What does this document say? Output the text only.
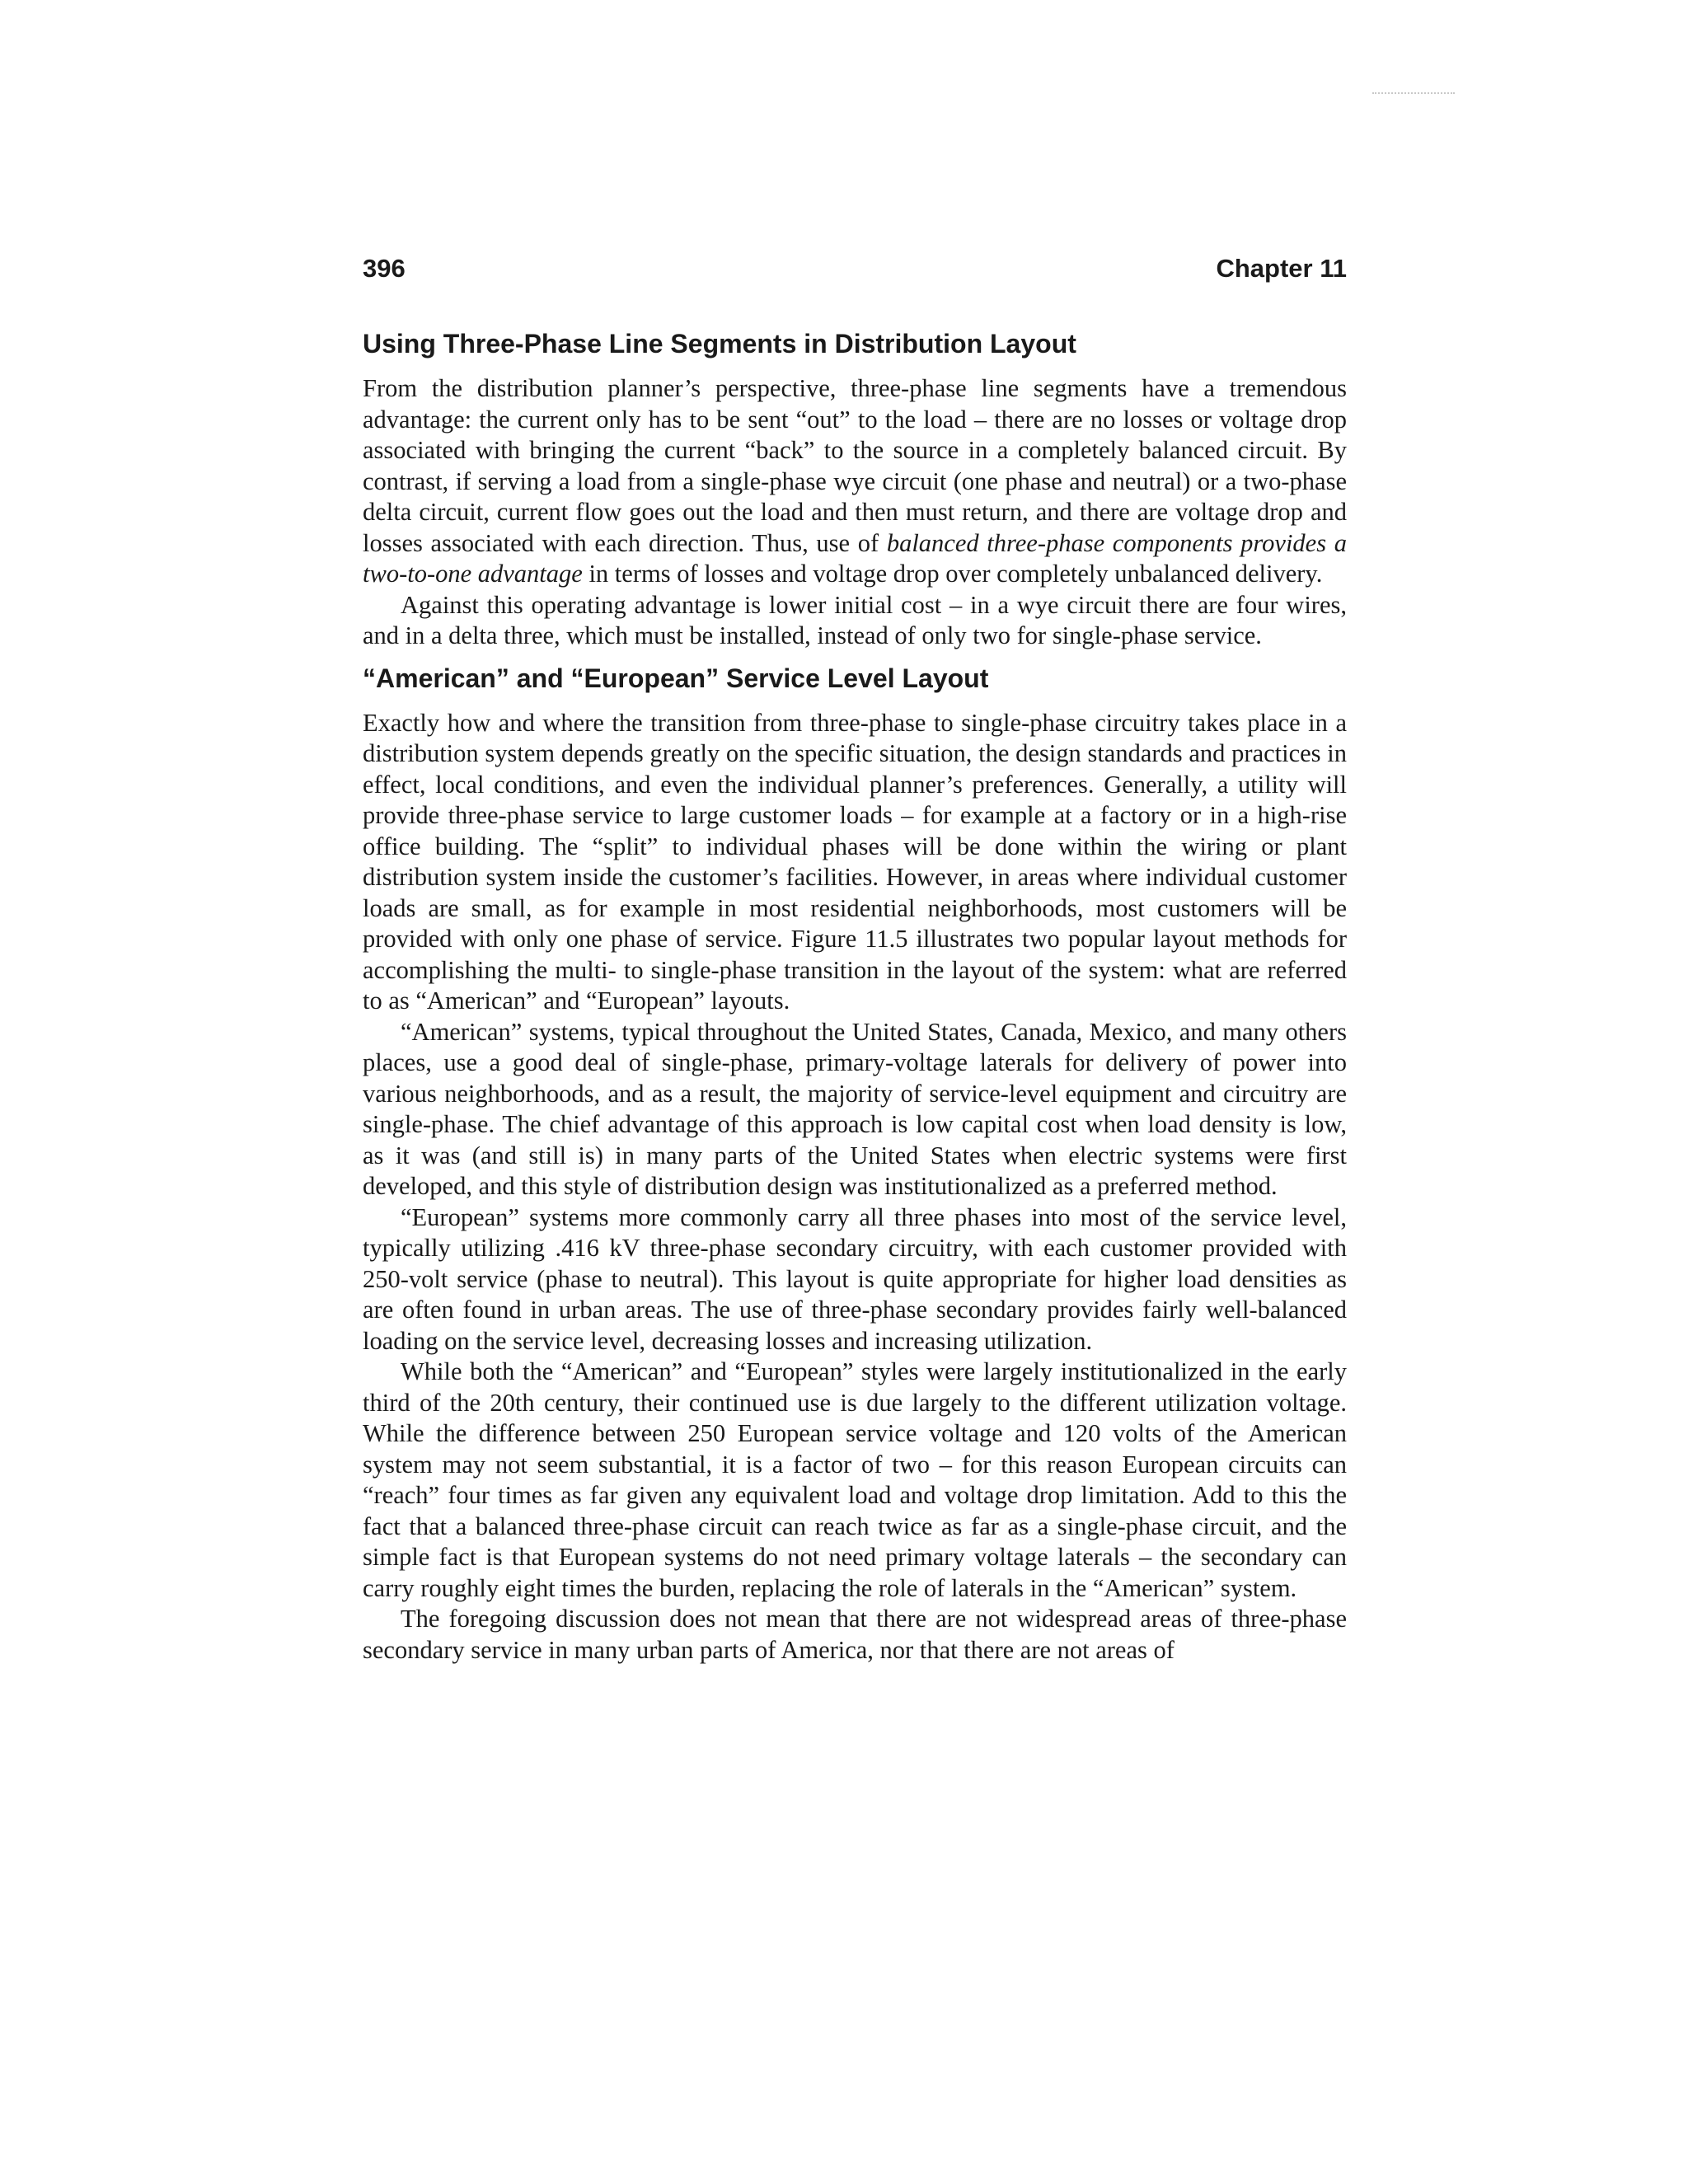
396	Chapter 11
Using Three-Phase Line Segments in Distribution Layout

From the distribution planner’s perspective, three-phase line segments have a tremendous advantage: the current only has to be sent “out” to the load – there are no losses or voltage drop associated with bringing the current “back” to the source in a completely balanced circuit. By contrast, if serving a load from a single-phase wye circuit (one phase and neutral) or a two-phase delta circuit, current flow goes out the load and then must return, and there are voltage drop and losses associated with each direction. Thus, use of balanced three-phase components provides a two-to-one advantage in terms of losses and voltage drop over completely unbalanced delivery.

Against this operating advantage is lower initial cost – in a wye circuit there are four wires, and in a delta three, which must be installed, instead of only two for single-phase service.

“American” and “European” Service Level Layout

Exactly how and where the transition from three-phase to single-phase circuitry takes place in a distribution system depends greatly on the specific situation, the design standards and practices in effect, local conditions, and even the individual planner’s preferences. Generally, a utility will provide three-phase service to large customer loads – for example at a factory or in a high-rise office building. The “split” to individual phases will be done within the wiring or plant distribution system inside the customer’s facilities. However, in areas where individual customer loads are small, as for example in most residential neighborhoods, most customers will be provided with only one phase of service. Figure 11.5 illustrates two popular layout methods for accomplishing the multi- to single-phase transition in the layout of the system: what are referred to as “American” and “European” layouts.

“American” systems, typical throughout the United States, Canada, Mexico, and many others places, use a good deal of single-phase, primary-voltage laterals for delivery of power into various neighborhoods, and as a result, the majority of service-level equipment and circuitry are single-phase. The chief advantage of this approach is low capital cost when load density is low, as it was (and still is) in many parts of the United States when electric systems were first developed, and this style of distribution design was institutionalized as a preferred method.

“European” systems more commonly carry all three phases into most of the service level, typically utilizing .416 kV three-phase secondary circuitry, with each customer provided with 250-volt service (phase to neutral). This layout is quite appropriate for higher load densities as are often found in urban areas. The use of three-phase secondary provides fairly well-balanced loading on the service level, decreasing losses and increasing utilization.

While both the “American” and “European” styles were largely institutionalized in the early third of the 20th century, their continued use is due largely to the different utilization voltage. While the difference between 250 European service voltage and 120 volts of the American system may not seem substantial, it is a factor of two – for this reason European circuits can “reach” four times as far given any equivalent load and voltage drop limitation. Add to this the fact that a balanced three-phase circuit can reach twice as far as a single-phase circuit, and the simple fact is that European systems do not need primary voltage laterals – the secondary can carry roughly eight times the burden, replacing the role of laterals in the “American” system.

The foregoing discussion does not mean that there are not widespread areas of three-phase secondary service in many urban parts of America, nor that there are not areas of
